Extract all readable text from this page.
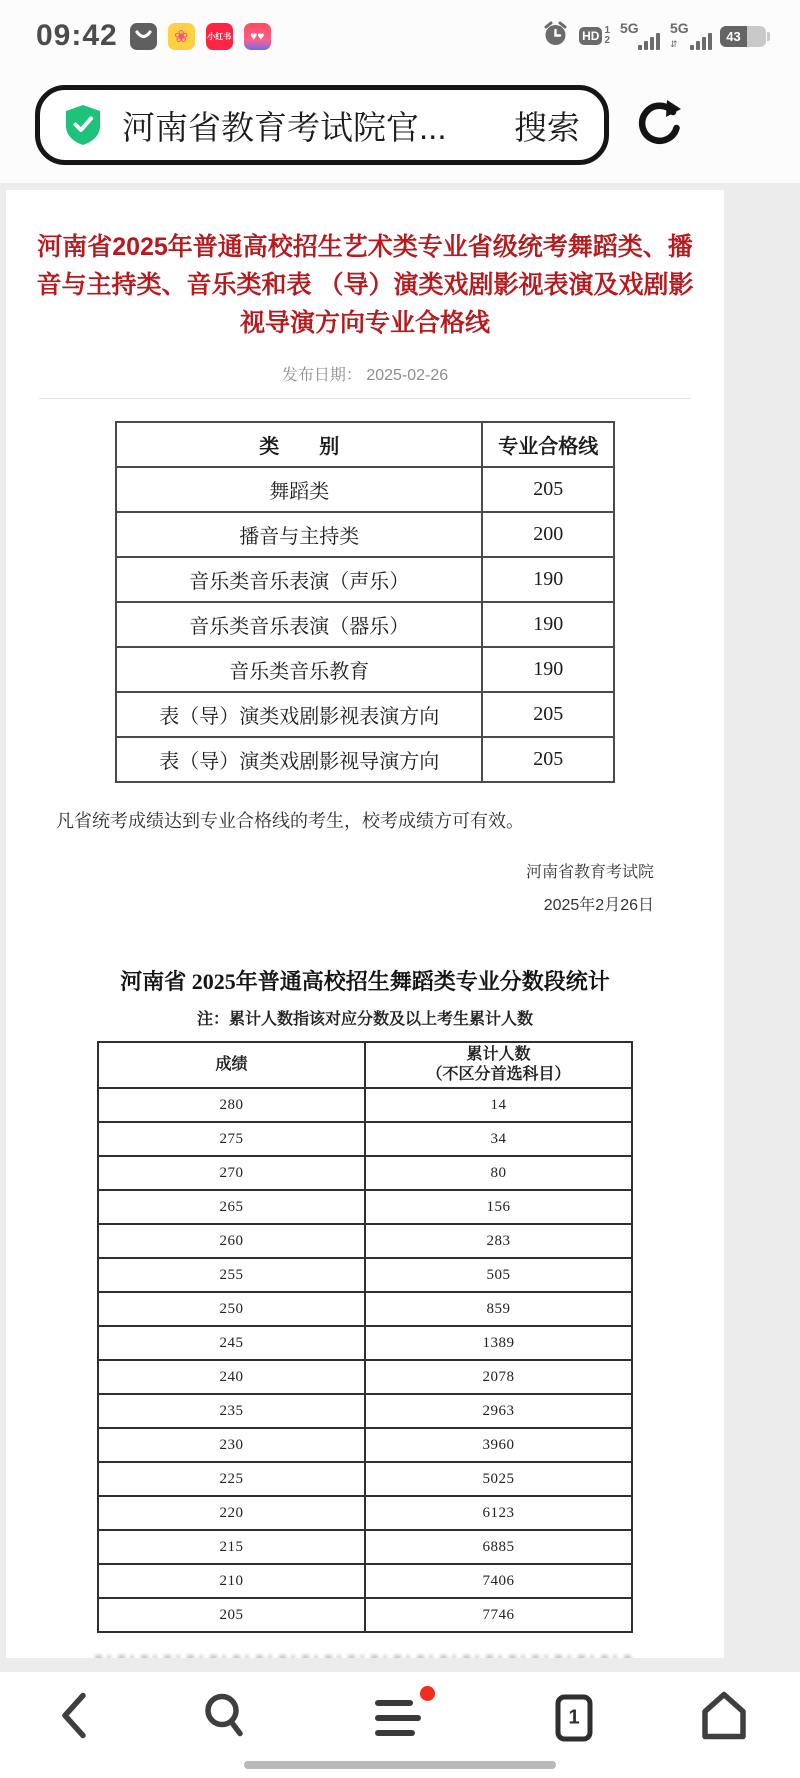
09:42	❀	小红书	♥♥	HD 1
2
5G 5G
⇵
43
河南省教育考试院官... 搜索
河南省2025年普通高校招生艺术类专业省级统考舞蹈类、播音与主持类、音乐类和表 （导）演类戏剧影视表演及戏剧影视导演方向专业合格线
发布日期： 2025-02-26
类　　别	专业合格线
舞蹈类	205
播音与主持类	200
音乐类音乐表演（声乐）	190
音乐类音乐表演（器乐）	190
音乐类音乐教育	190
表（导）演类戏剧影视表演方向	205
表（导）演类戏剧影视导演方向	205
凡省统考成绩达到专业合格线的考生，校考成绩方可有效。
河南省教育考试院
2025年2月26日
河南省 2025年普通高校招生舞蹈类专业分数段统计
注：累计人数指该对应分数及以上考生累计人数
成绩	累计人数
（不区分首选科目）

280	14
275	34
270	80
265	156
260	283
255	505
250	859
245	1389
240	2078
235	2963
230	3960
225	5025
220	6123
215	6885
210	7406
205	7746
1
